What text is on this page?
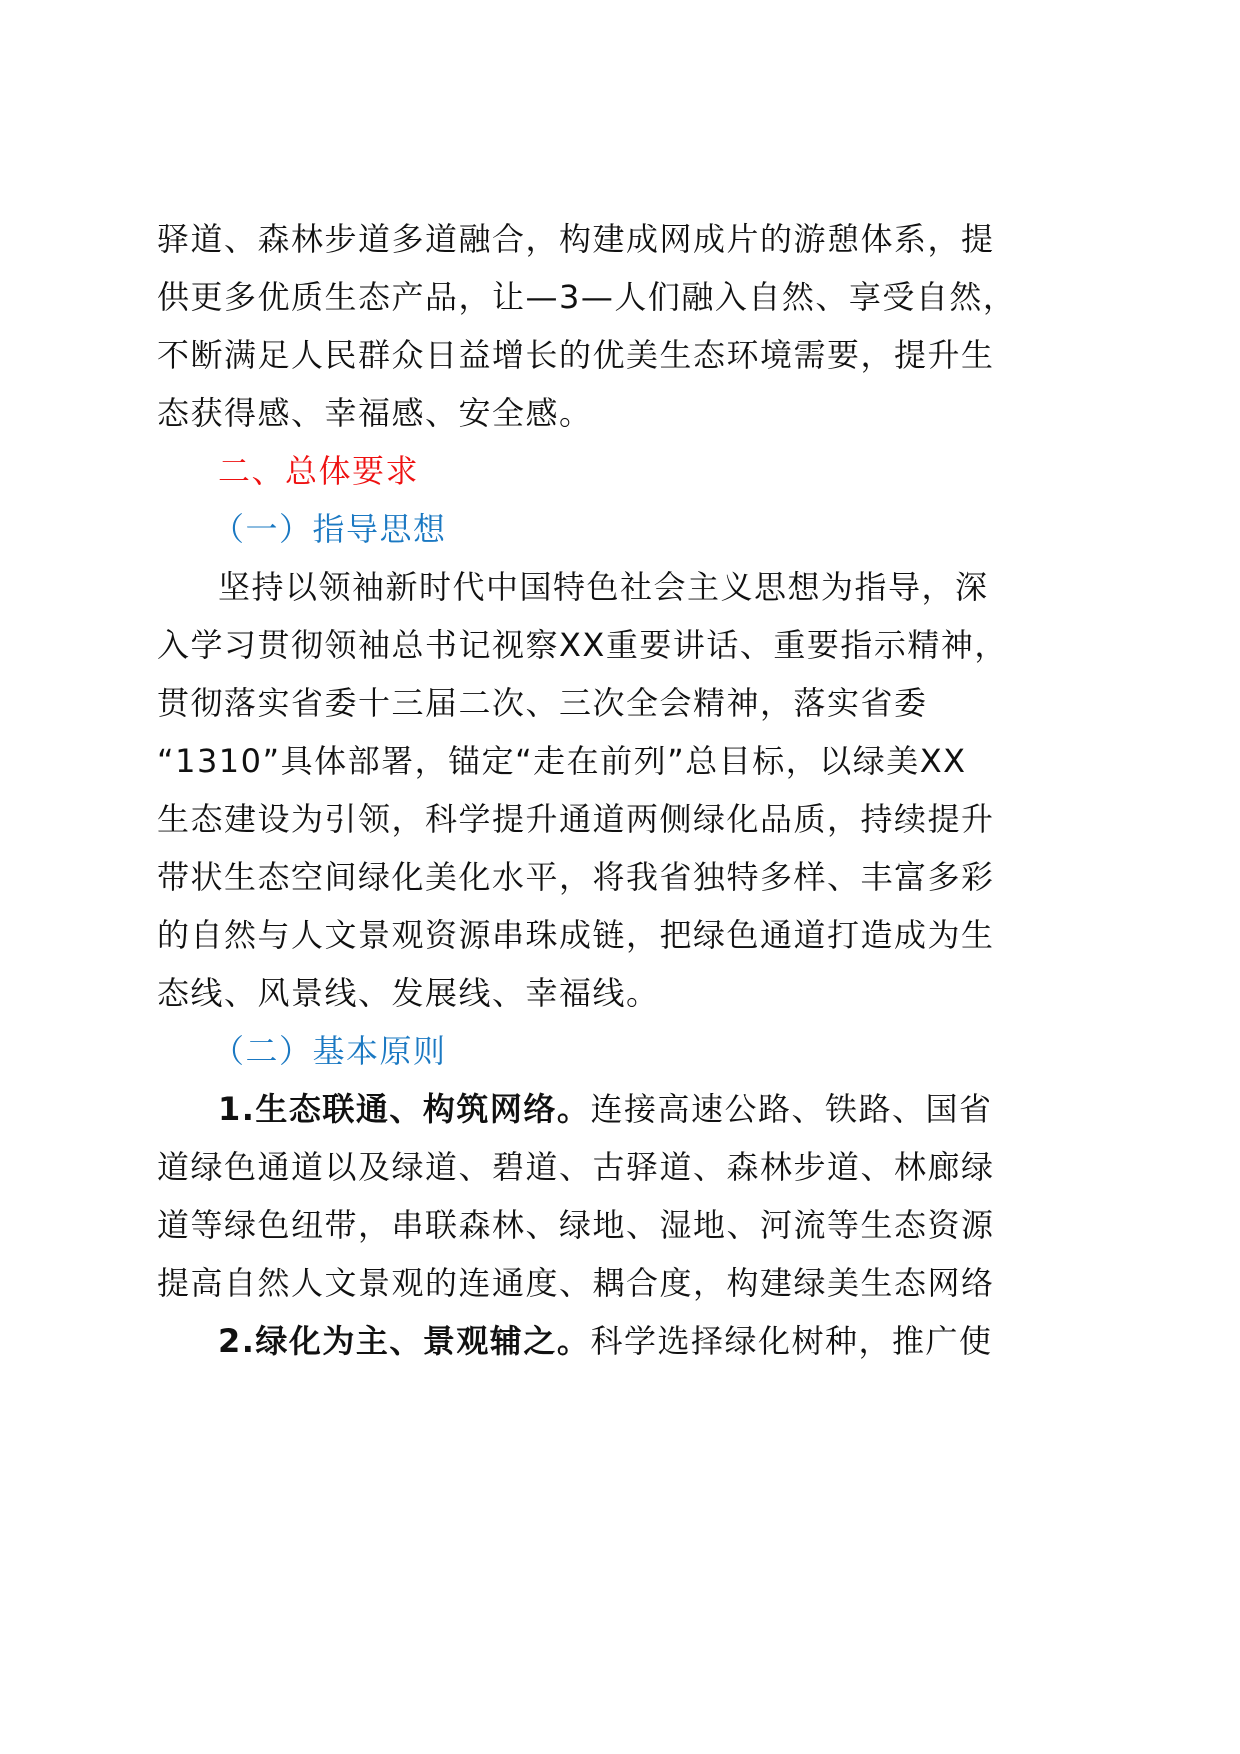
驿道、森林步道多道融合，构建成网成片的游憩体系，提
供更多优质生态产品，让—3—人们融入自然、享受自然，
不断满足人民群众日益增长的优美生态环境需要，提升生
态获得感、幸福感、安全感。
二、总体要求
（一）指导思想
坚持以领袖新时代中国特色社会主义思想为指导，深
入学习贯彻领袖总书记视察XX重要讲话、重要指示精神，
贯彻落实省委十三届二次、三次全会精神，落实省委
“1310”具体部署，锚定“走在前列”总目标，以绿美XX
生态建设为引领，科学提升通道两侧绿化品质，持续提升
带状生态空间绿化美化水平，将我省独特多样、丰富多彩
的自然与人文景观资源串珠成链，把绿色通道打造成为生
态线、风景线、发展线、幸福线。
（二）基本原则
1.生态联通、构筑网络。连接高速公路、铁路、国省
道绿色通道以及绿道、碧道、古驿道、森林步道、林廊绿
道等绿色纽带，串联森林、绿地、湿地、河流等生态资源
提高自然人文景观的连通度、耦合度，构建绿美生态网络
2.绿化为主、景观辅之。科学选择绿化树种，推广使
